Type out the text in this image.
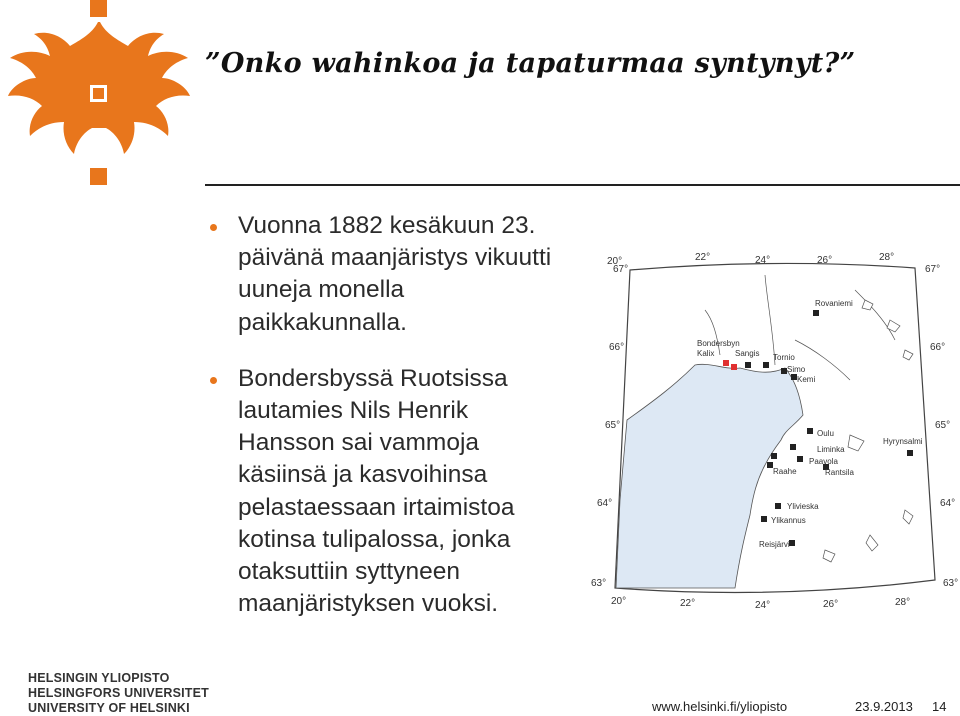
”Onko wahinkoa ja tapaturmaa syntynyt?”
Vuonna 1882 kesäkuun 23. päivänä maanjäristys vikuutti uuneja monella paikkakunnalla.
Bondersbyssä Ruotsissa lautamies Nils Henrik Hansson sai vammoja käsiinsä ja kasvoihinsa pelastaessaan irtaimistoa kotinsa tulipalossa, jonka otaksuttiin syttyneen maanjäristyksen vuoksi.
20°	22°	24°	26°	28°
20°	22°	24°	26°	28°
67°
66°
65°
64°
63°
67°
66°
65°
64°
63°
Rovaniemi
Bondersbyn
Kalix	Sangis Tornio
Simo
Kemi
Oulu
Liminka
Paavola
Raahe	Rantsila
Hyrynsalmi
Ylivieska
Ylikannus
Reisjärvi
HELSINGIN YLIOPISTO
HELSINGFORS UNIVERSITET
UNIVERSITY OF HELSINKI	www.helsinki.fi/yliopisto	23.9.2013 14
